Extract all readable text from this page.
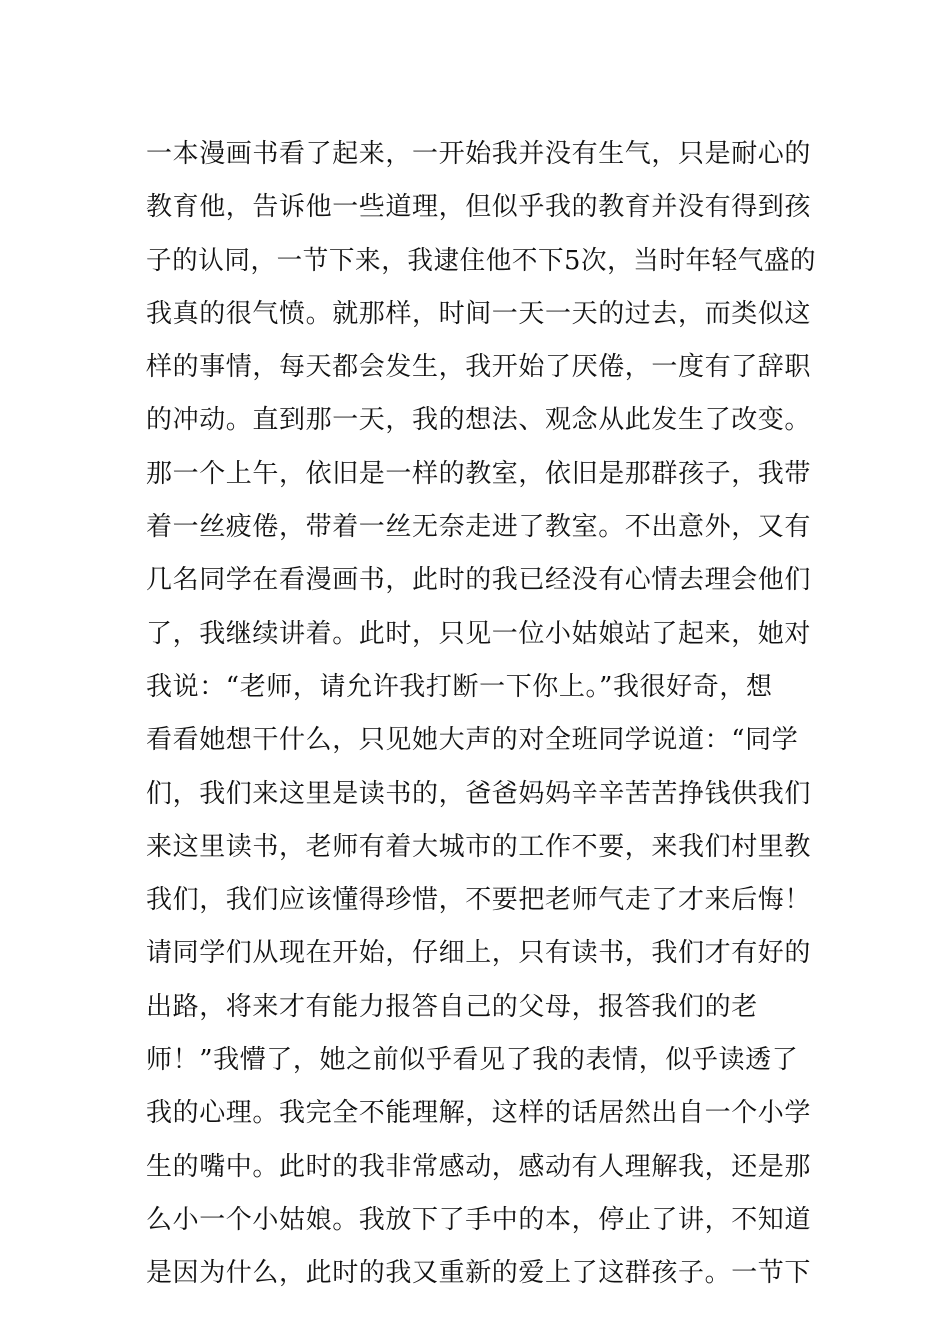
一本漫画书看了起来，一开始我并没有生气，只是耐心的
教育他，告诉他一些道理，但似乎我的教育并没有得到孩
子的认同，一节下来，我逮住他不下5次，当时年轻气盛的
我真的很气愤。就那样，时间一天一天的过去，而类似这
样的事情，每天都会发生，我开始了厌倦，一度有了辞职
的冲动。直到那一天，我的想法、观念从此发生了改变。
那一个上午，依旧是一样的教室，依旧是那群孩子，我带
着一丝疲倦，带着一丝无奈走进了教室。不出意外，又有
几名同学在看漫画书，此时的我已经没有心情去理会他们
了，我继续讲着。此时，只见一位小姑娘站了起来，她对
我说：“老师，请允许我打断一下你上。”我很好奇，想
看看她想干什么，只见她大声的对全班同学说道：“同学
们，我们来这里是读书的，爸爸妈妈辛辛苦苦挣钱供我们
来这里读书，老师有着大城市的工作不要，来我们村里教
我们，我们应该懂得珍惜，不要把老师气走了才来后悔！
请同学们从现在开始，仔细上，只有读书，我们才有好的
出路，将来才有能力报答自己的父母，报答我们的老
师！”我懵了，她之前似乎看见了我的表情，似乎读透了
我的心理。我完全不能理解，这样的话居然出自一个小学
生的嘴中。此时的我非常感动，感动有人理解我，还是那
么小一个小姑娘。我放下了手中的本，停止了讲，不知道
是因为什么，此时的我又重新的爱上了这群孩子。一节下
